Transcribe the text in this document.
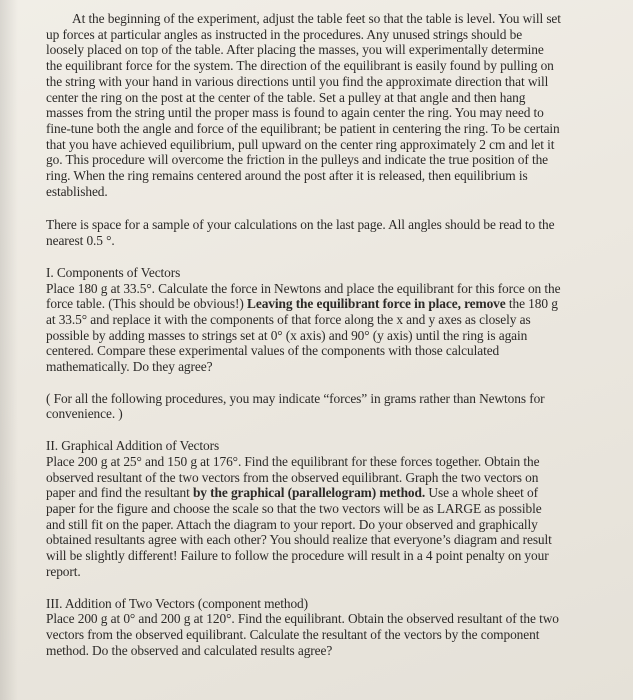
At the beginning of the experiment, adjust the table feet so that the table is level. You will set up forces at particular angles as instructed in the procedures. Any unused strings should be loosely placed on top of the table. After placing the masses, you will experimentally determine the equilibrant force for the system. The direction of the equilibrant is easily found by pulling on the string with your hand in various directions until you find the approximate direction that will center the ring on the post at the center of the table. Set a pulley at that angle and then hang masses from the string until the proper mass is found to again center the ring. You may need to fine-tune both the angle and force of the equilibrant; be patient in centering the ring. To be certain that you have achieved equilibrium, pull upward on the center ring approximately 2 cm and let it go. This procedure will overcome the friction in the pulleys and indicate the true position of the ring. When the ring remains centered around the post after it is released, then equilibrium is established.

There is space for a sample of your calculations on the last page. All angles should be read to the nearest 0.5 °.

I. Components of Vectors

Place 180 g at 33.5°. Calculate the force in Newtons and place the equilibrant for this force on the force table. (This should be obvious!) Leaving the equilibrant force in place, remove the 180 g at 33.5° and replace it with the components of that force along the x and y axes as closely as possible by adding masses to strings set at 0° (x axis) and 90° (y axis) until the ring is again centered. Compare these experimental values of the components with those calculated mathematically. Do they agree?

( For all the following procedures, you may indicate “forces” in grams rather than Newtons for convenience. )

II. Graphical Addition of Vectors

Place 200 g at 25° and 150 g at 176°. Find the equilibrant for these forces together. Obtain the observed resultant of the two vectors from the observed equilibrant. Graph the two vectors on paper and find the resultant by the graphical (parallelogram) method. Use a whole sheet of paper for the figure and choose the scale so that the two vectors will be as LARGE as possible and still fit on the paper. Attach the diagram to your report. Do your observed and graphically obtained resultants agree with each other? You should realize that everyone’s diagram and result will be slightly different! Failure to follow the procedure will result in a 4 point penalty on your report.

III. Addition of Two Vectors (component method)

Place 200 g at 0° and 200 g at 120°. Find the equilibrant. Obtain the observed resultant of the two vectors from the observed equilibrant. Calculate the resultant of the vectors by the component method. Do the observed and calculated results agree?
